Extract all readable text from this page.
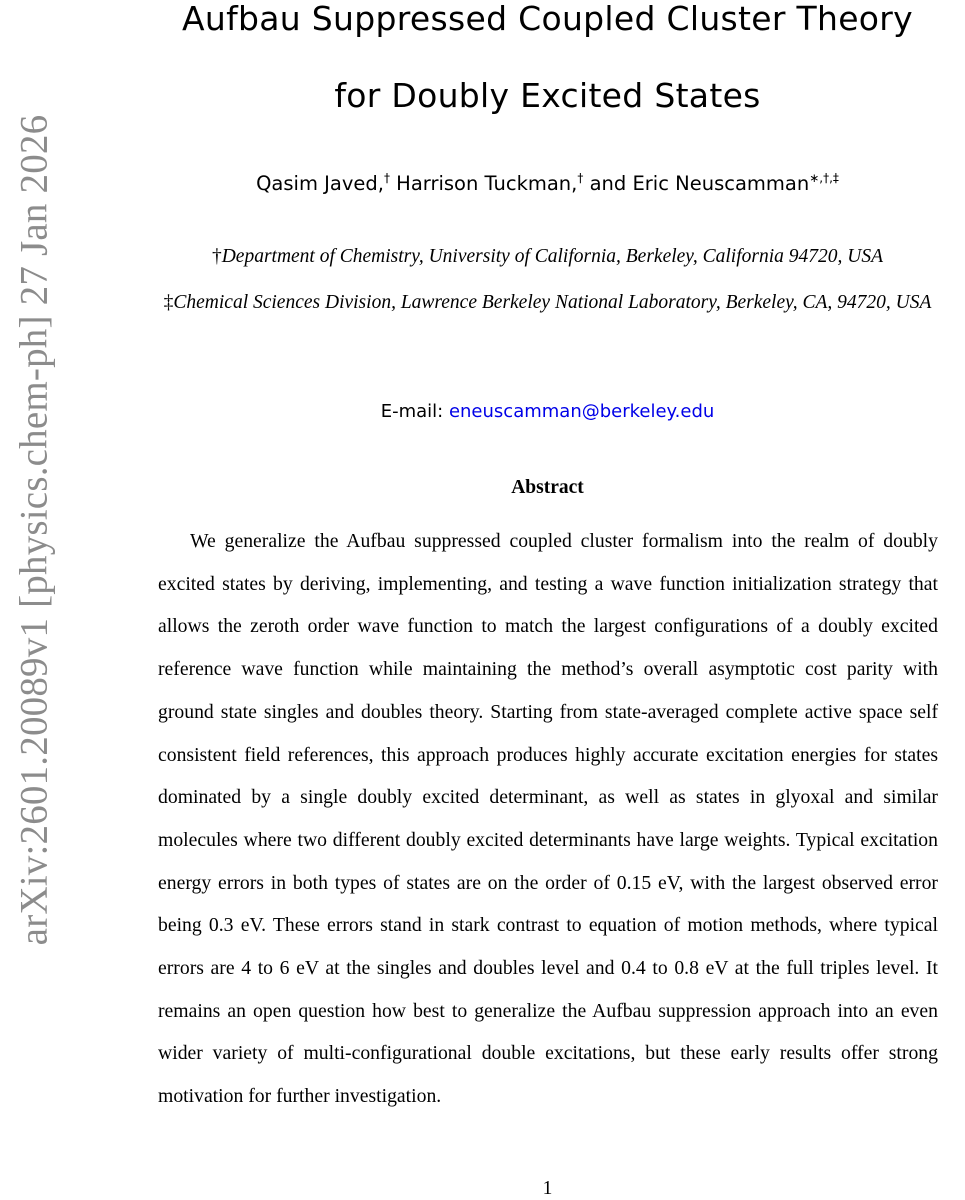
arXiv:2601.20089v1 [physics.chem-ph] 27 Jan 2026
Aufbau Suppressed Coupled Cluster Theory
for Doubly Excited States
Qasim Javed,† Harrison Tuckman,† and Eric Neuscamman∗,†,‡
†Department of Chemistry, University of California, Berkeley, California 94720, USA
‡Chemical Sciences Division, Lawrence Berkeley National Laboratory, Berkeley, CA, 94720, USA
E-mail: eneuscamman@berkeley.edu
Abstract

We generalize the Aufbau suppressed coupled cluster formalism into the realm of doubly excited states by deriving, implementing, and testing a wave function initialization strategy that allows the zeroth order wave function to match the largest configurations of a doubly excited reference wave function while maintaining the method’s overall asymptotic cost parity with ground state singles and doubles theory. Starting from state-averaged complete active space self consistent field references, this approach produces highly accurate excitation energies for states dominated by a single doubly excited determinant, as well as states in glyoxal and similar molecules where two different doubly excited determinants have large weights. Typical excitation energy errors in both types of states are on the order of 0.15 eV, with the largest observed error being 0.3 eV. These errors stand in stark contrast to equation of motion methods, where typical errors are 4 to 6 eV at the singles and doubles level and 0.4 to 0.8 eV at the full triples level. It remains an open question how best to generalize the Aufbau suppression approach into an even wider variety of multi-configurational double excitations, but these early results offer strong motivation for further investigation.

1
